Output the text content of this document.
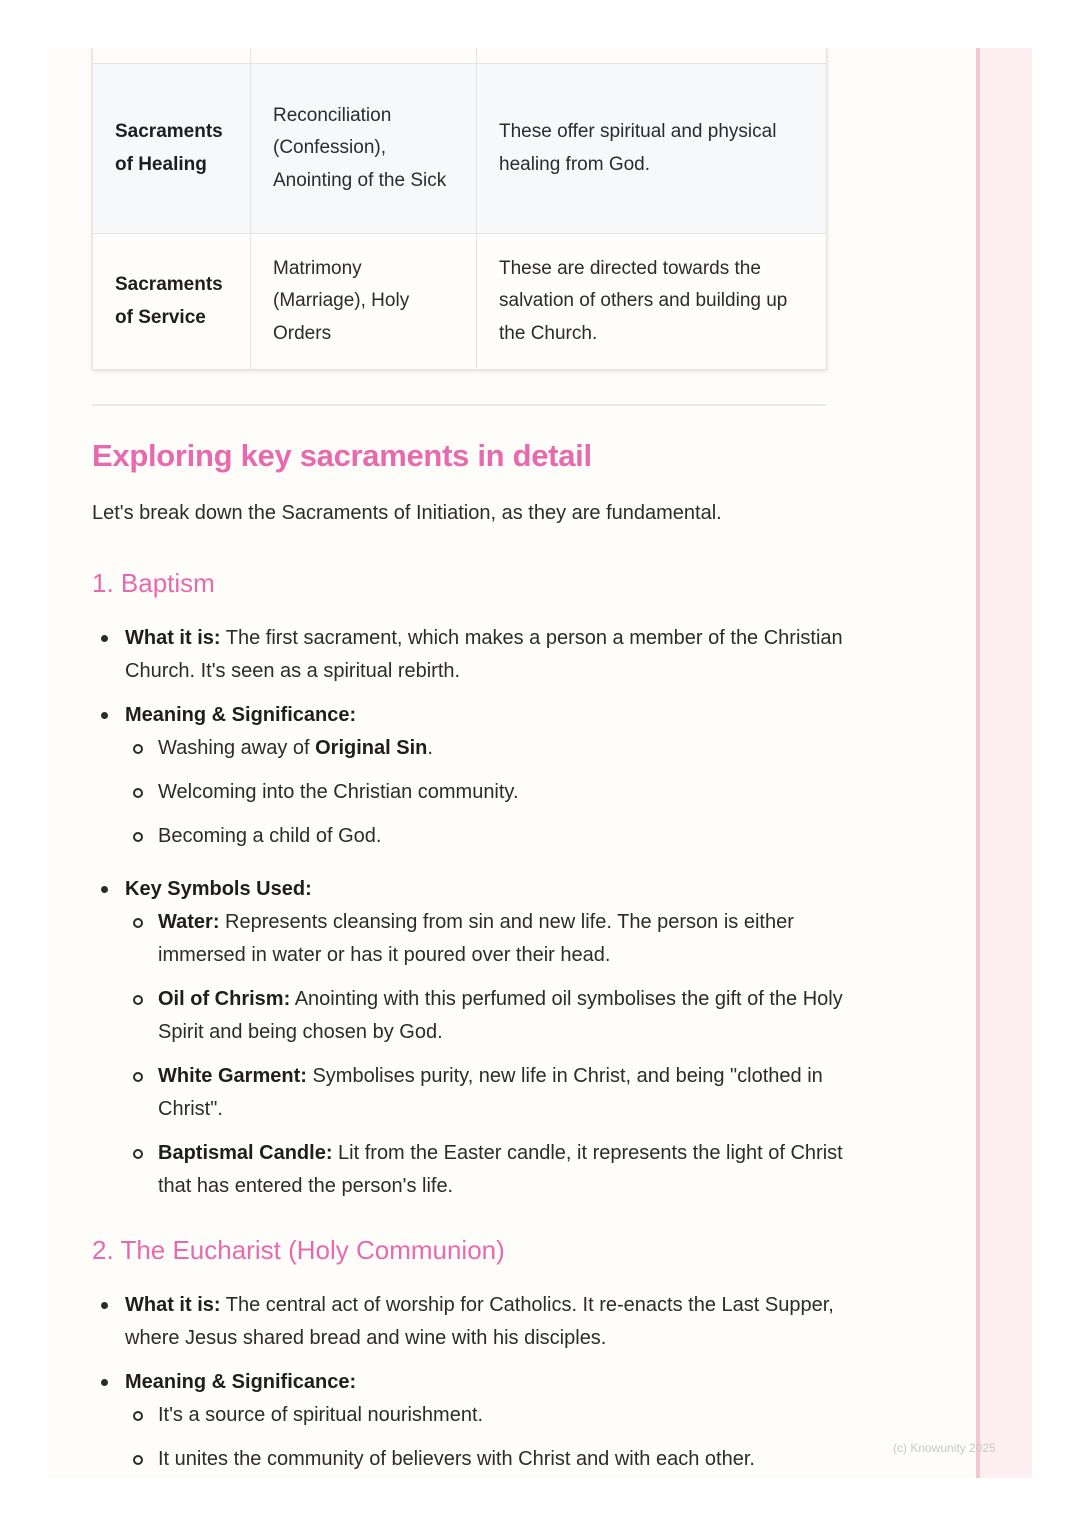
Sacraments of Healing	Reconciliation (Confession), Anointing of the Sick	These offer spiritual and physical healing from God.
Sacraments of Service	Matrimony (Marriage), Holy Orders	These are directed towards the salvation of others and building up the Church.
Exploring key sacraments in detail

Let's break down the Sacraments of Initiation, as they are fundamental.

1. Baptism
What it is: The first sacrament, which makes a person a member of the Christian Church. It's seen as a spiritual rebirth.
Meaning & Significance:
Washing away of Original Sin.
Welcoming into the Christian community.
Becoming a child of God.
Key Symbols Used:
Water: Represents cleansing from sin and new life. The person is either immersed in water or has it poured over their head.
Oil of Chrism: Anointing with this perfumed oil symbolises the gift of the Holy Spirit and being chosen by God.
White Garment: Symbolises purity, new life in Christ, and being "clothed in Christ".
Baptismal Candle: Lit from the Easter candle, it represents the light of Christ that has entered the person's life.
2. The Eucharist (Holy Communion)
What it is: The central act of worship for Catholics. It re-enacts the Last Supper, where Jesus shared bread and wine with his disciples.
Meaning & Significance:
It's a source of spiritual nourishment.
It unites the community of believers with Christ and with each other.	(c) Knowunity 2025
